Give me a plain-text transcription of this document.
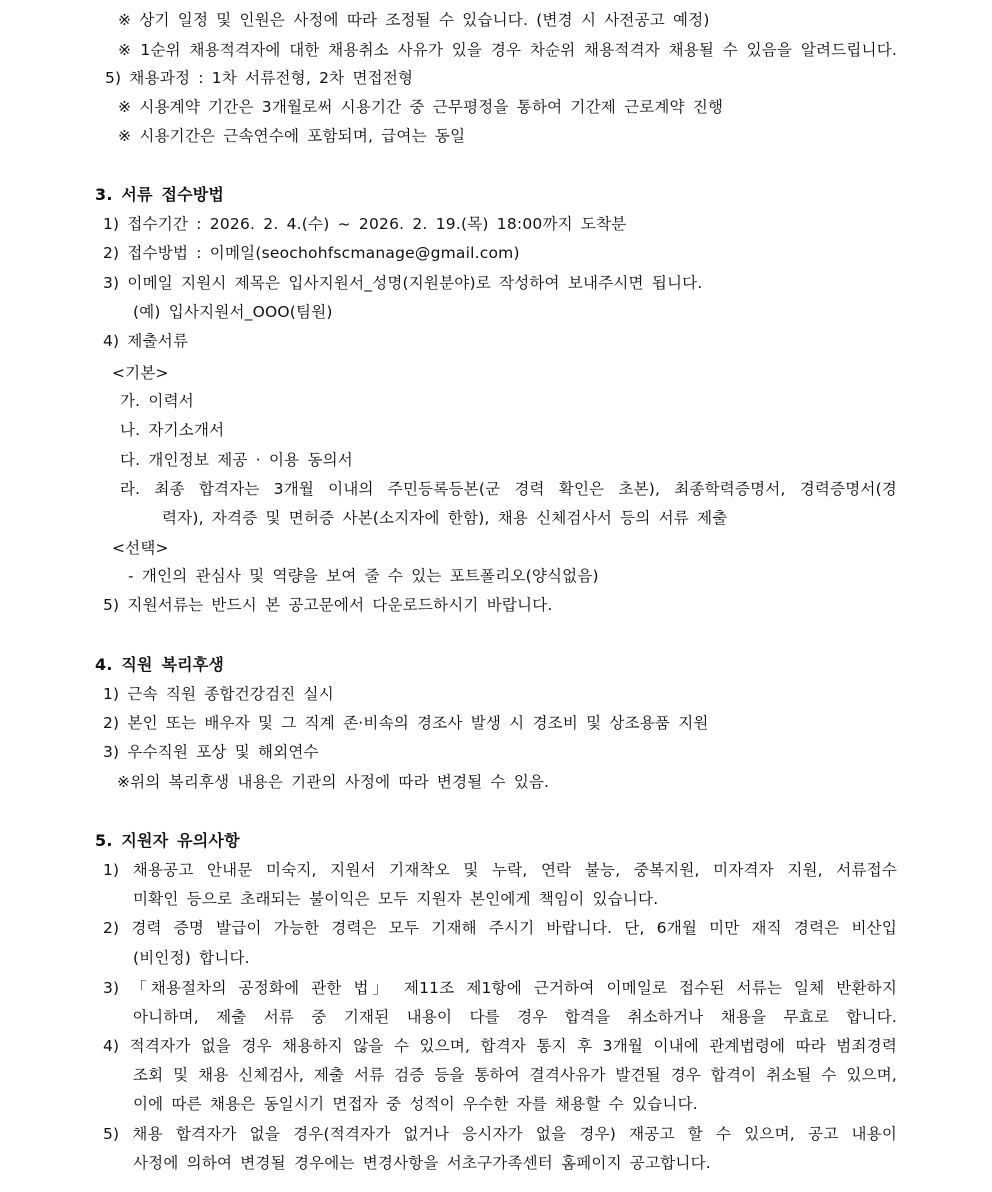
※ 상기 일정 및 인원은 사정에 따라 조정될 수 있습니다. (변경 시 사전공고 예정)
※ 1순위 채용적격자에 대한 채용취소 사유가 있을 경우 차순위 채용적격자 채용될 수 있음을 알려드립니다.
5) 채용과정 : 1차 서류전형, 2차 면접전형
※ 시용계약 기간은 3개월로써 시용기간 중 근무평정을 통하여 기간제 근로계약 진행
※ 시용기간은 근속연수에 포함되며, 급여는 동일
3. 서류 접수방법
1) 접수기간 : 2026. 2. 4.(수) ~ 2026. 2. 19.(목) 18:00까지 도착분
2) 접수방법 : 이메일(seochohfscmanage@gmail.com)
3) 이메일 지원시 제목은 입사지원서_성명(지원분야)로 작성하여 보내주시면 됩니다.
(예) 입사지원서_OOO(팀원)
4) 제출서류
<기본>
가. 이력서
나. 자기소개서
다. 개인정보 제공 · 이용 동의서
라. 최종 합격자는 3개월 이내의 주민등록등본(군 경력 확인은 초본), 최종학력증명서, 경력증명서(경
력자), 자격증 및 면허증 사본(소지자에 한함), 채용 신체검사서 등의 서류 제출
<선택>
- 개인의 관심사 및 역량을 보여 줄 수 있는 포트폴리오(양식없음)
5) 지원서류는 반드시 본 공고문에서 다운로드하시기 바랍니다.
4. 직원 복리후생
1) 근속 직원 종합건강검진 실시
2) 본인 또는 배우자 및 그 직계 존·비속의 경조사 발생 시 경조비 및 상조용품 지원
3) 우수직원 포상 및 해외연수
※위의 복리후생 내용은 기관의 사정에 따라 변경될 수 있음.
5. 지원자 유의사항
1) 채용공고 안내문 미숙지, 지원서 기재착오 및 누락, 연락 불능, 중복지원, 미자격자 지원, 서류접수
미확인 등으로 초래되는 불이익은 모두 지원자 본인에게 책임이 있습니다.
2) 경력 증명 발급이 가능한 경력은 모두 기재해 주시기 바랍니다. 단, 6개월 미만 재직 경력은 비산입
(비인정) 합니다.
3) 「채용절차의 공정화에 관한 법」 제11조 제1항에 근거하여 이메일로 접수된 서류는 일체 반환하지
아니하며, 제출 서류 중 기재된 내용이 다를 경우 합격을 취소하거나 채용을 무효로 합니다.
4) 적격자가 없을 경우 채용하지 않을 수 있으며, 합격자 통지 후 3개월 이내에 관계법령에 따라 범죄경력
조회 및 채용 신체검사, 제출 서류 검증 등을 통하여 결격사유가 발견될 경우 합격이 취소될 수 있으며,
이에 따른 채용은 동일시기 면접자 중 성적이 우수한 자를 채용할 수 있습니다.
5) 채용 합격자가 없을 경우(적격자가 없거나 응시자가 없을 경우) 재공고 할 수 있으며, 공고 내용이
사정에 의하여 변경될 경우에는 변경사항을 서초구가족센터 홈페이지 공고합니다.
